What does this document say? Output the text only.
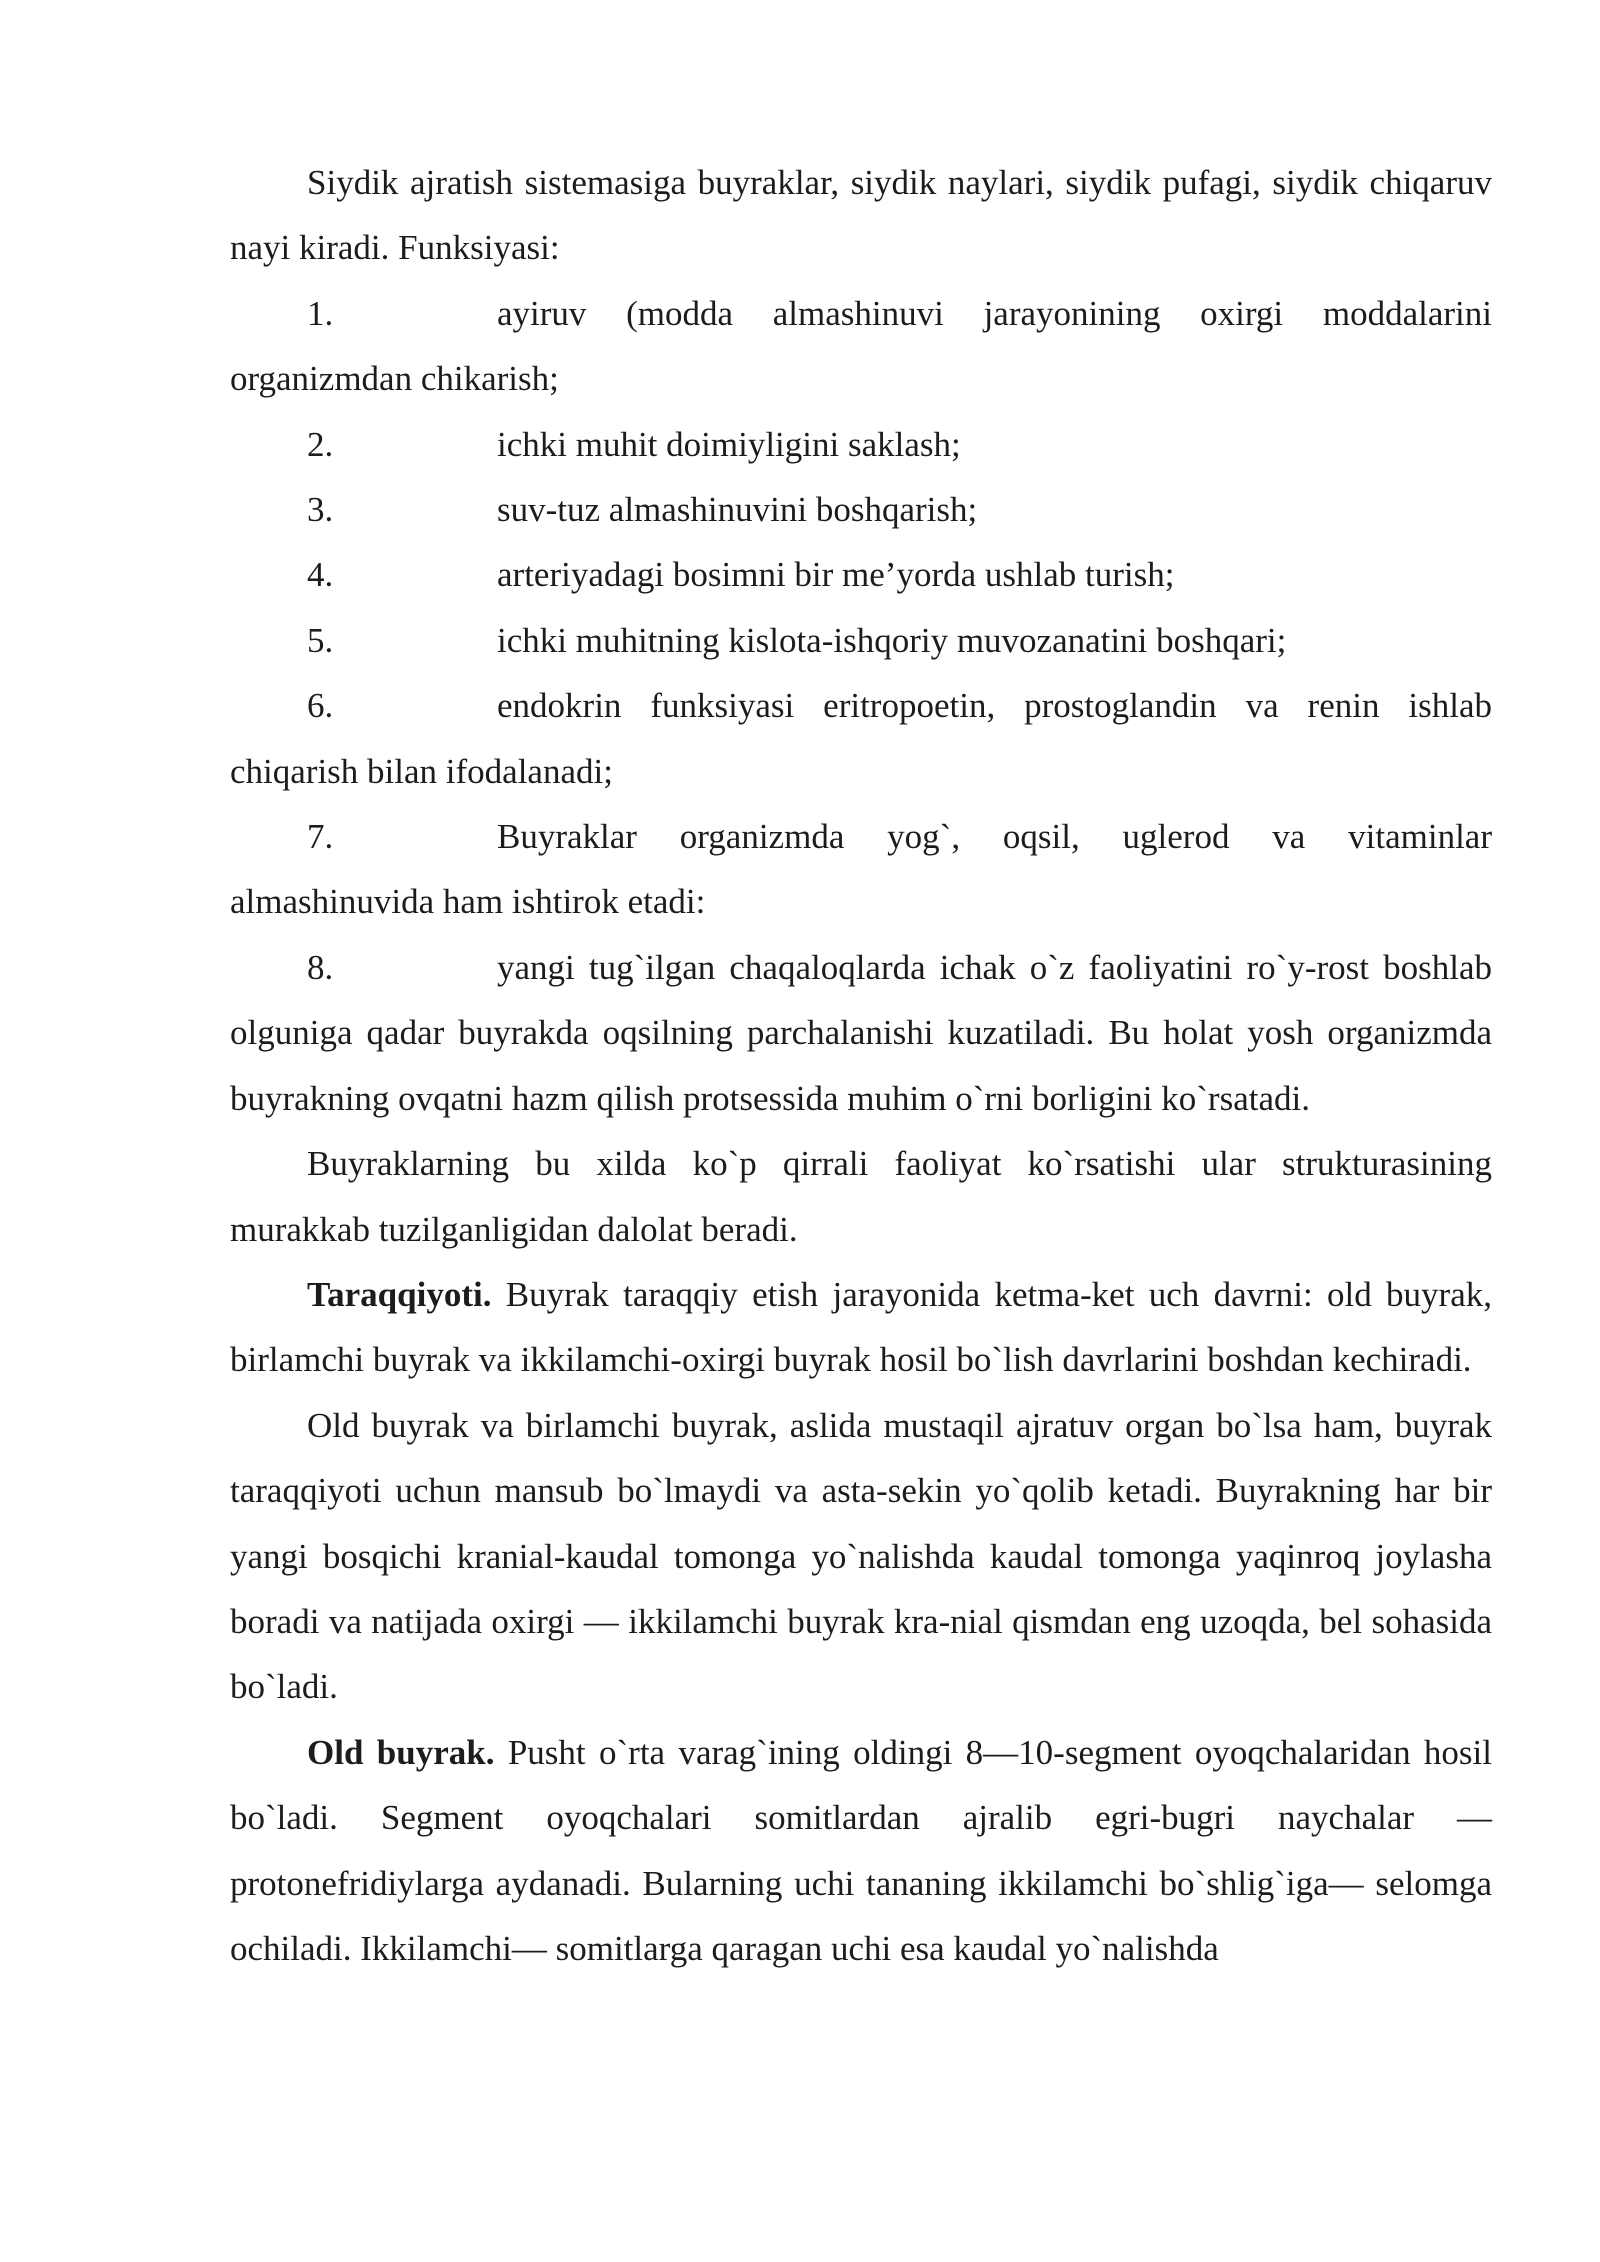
Siydik ajratish sistemasiga buyraklar, siydik naylari, siydik pufagi, siydik chiqaruv nayi kiradi. Funksiyasi:

1.	ayiruv (modda almashinuvi jarayonining oxirgi moddalarini organizmdan chikarish;

2.	ichki muhit doimiyligini saklash;

3.	suv-tuz almashinuvini boshqarish;

4.	arteriyadagi bosimni bir me’yorda ushlab turish;

5.	ichki muhitning kislota-ishqoriy muvozanatini boshqari;

6.	endokrin funksiyasi eritropoetin, prostoglandin va renin ishlab chiqarish bilan ifodalanadi;

7.	Buyraklar organizmda yog`, oqsil, uglerod va vitaminlar almashinuvida ham ishtirok etadi:

8.	yangi tug`ilgan chaqaloqlarda ichak o`z faoliyatini ro`y-rost boshlab olguniga qadar buyrakda oqsilning parchalanishi kuzatiladi. Bu holat yosh organizmda buyrakning ovqatni hazm qilish protsessida muhim o`rni borligini ko`rsatadi.

Buyraklarning bu xilda ko`p qirrali faoliyat ko`rsatishi ular strukturasining murakkab tuzilganligidan dalolat beradi.

Taraqqiyoti. Buyrak taraqqiy etish jarayonida ketma-ket uch davrni: old buyrak, birlamchi buyrak va ikkilamchi-oxirgi buyrak hosil bo`lish davrlarini boshdan kechiradi.

Old buyrak va birlamchi buyrak, aslida mustaqil ajratuv organ bo`lsa ham, buyrak taraqqiyoti uchun mansub bo`lmaydi va asta-sekin yo`qolib ketadi. Buyrakning har bir yangi bosqichi kranial-kaudal tomonga yo`nalishda kaudal tomonga yaqinroq joylasha boradi va natijada oxirgi — ikkilamchi buyrak kra-nial qismdan eng uzoqda, bel sohasida bo`ladi.

Old buyrak. Pusht o`rta varag`ining oldingi 8—10-segment oyoqchalaridan hosil bo`ladi. Segment oyoqchalari somitlardan ajralib egri-bugri naychalar — protonefridiylarga aydanadi. Bularning uchi tananing ikkilamchi bo`shlig`iga— selomga ochiladi. Ikkilamchi— somitlarga qaragan uchi esa kaudal yo`nalishda
